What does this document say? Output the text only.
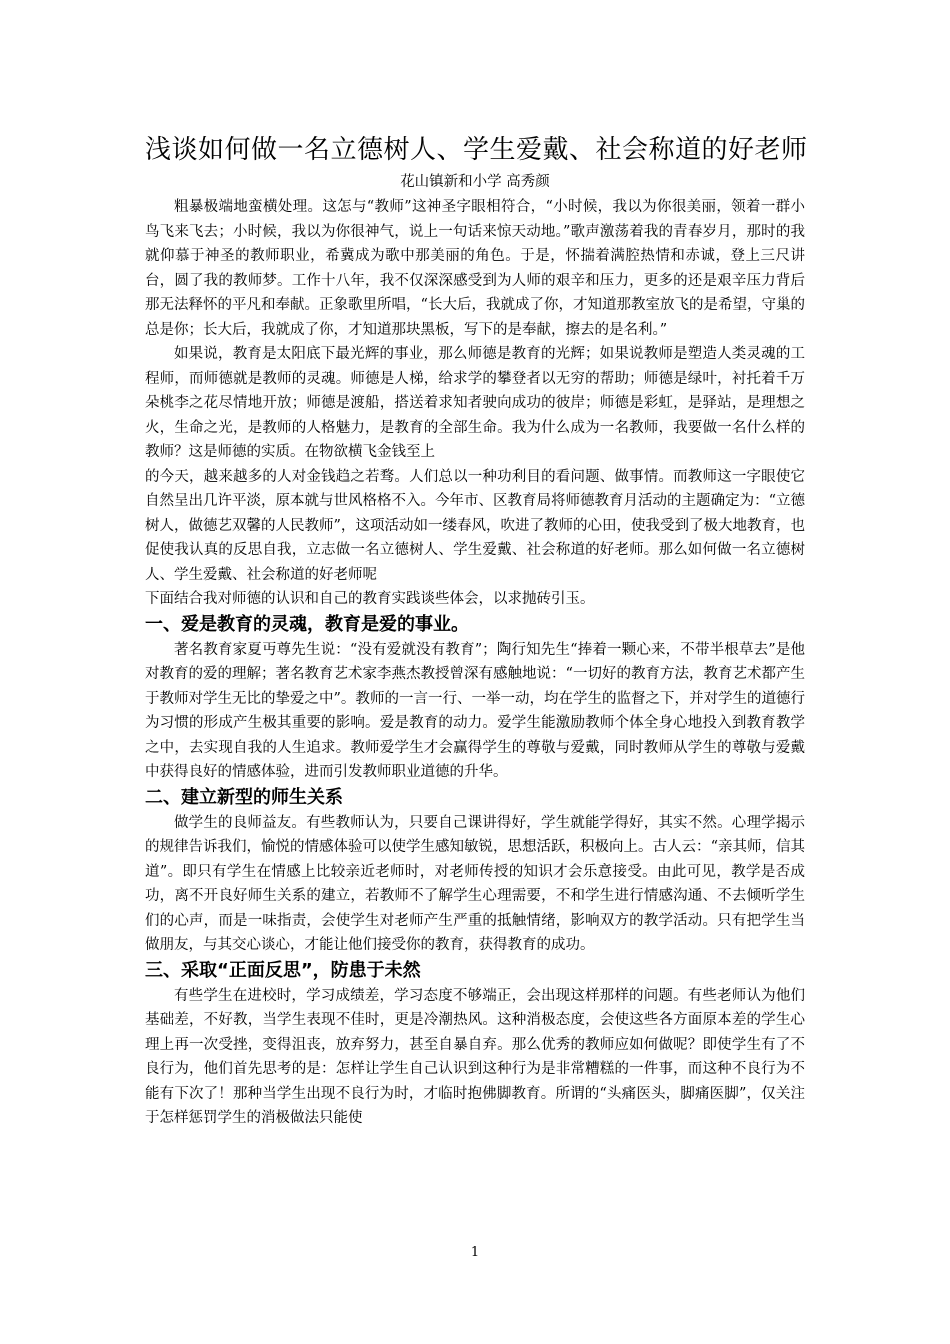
浅谈如何做一名立德树人、学生爱戴、社会称道的好老师

花山镇新和小学 高秀颜

粗暴极端地蛮横处理。这怎与“教师”这神圣字眼相符合，“小时候，我以为你很美丽，领着一群小鸟飞来飞去；小时候，我以为你很神气，说上一句话来惊天动地。”歌声激荡着我的青春岁月，那时的我就仰慕于神圣的教师职业，希冀成为歌中那美丽的角色。于是，怀揣着满腔热情和赤诚，登上三尺讲台，圆了我的教师梦。工作十八年，我不仅深深感受到为人师的艰辛和压力，更多的还是艰辛压力背后那无法释怀的平凡和奉献。正象歌里所唱，“长大后，我就成了你，才知道那教室放飞的是希望，守巢的总是你；长大后，我就成了你，才知道那块黑板，写下的是奉献，擦去的是名利。”

如果说，教育是太阳底下最光辉的事业，那么师德是教育的光辉；如果说教师是塑造人类灵魂的工程师，而师德就是教师的灵魂。师德是人梯，给求学的攀登者以无穷的帮助；师德是绿叶，衬托着千万朵桃李之花尽情地开放；师德是渡船，搭送着求知者驶向成功的彼岸；师德是彩虹，是驿站，是理想之火，生命之光，是教师的人格魅力，是教育的全部生命。我为什么成为一名教师，我要做一名什么样的教师？这是师德的实质。在物欲横飞金钱至上

的今天，越来越多的人对金钱趋之若骛。人们总以一种功利目的看问题、做事情。而教师这一字眼使它自然呈出几许平淡，原本就与世风格格不入。今年市、区教育局将师德教育月活动的主题确定为：“立德树人，做德艺双馨的人民教师”，这项活动如一缕春风，吹进了教师的心田，使我受到了极大地教育，也促使我认真的反思自我，立志做一名立德树人、学生爱戴、社会称道的好老师。那么如何做一名立德树人、学生爱戴、社会称道的好老师呢

下面结合我对师德的认识和自己的教育实践谈些体会，以求抛砖引玉。

一、爱是教育的灵魂，教育是爱的事业。

著名教育家夏丏尊先生说：“没有爱就没有教育”；陶行知先生“捧着一颗心来，不带半根草去”是他对教育的爱的理解；著名教育艺术家李燕杰教授曾深有感触地说：“一切好的教育方法，教育艺术都产生于教师对学生无比的挚爱之中”。教师的一言一行、一举一动，均在学生的监督之下，并对学生的道德行为习惯的形成产生极其重要的影响。爱是教育的动力。爱学生能激励教师个体全身心地投入到教育教学之中，去实现自我的人生追求。教师爱学生才会赢得学生的尊敬与爱戴，同时教师从学生的尊敬与爱戴中获得良好的情感体验，进而引发教师职业道德的升华。

二、建立新型的师生关系

做学生的良师益友。有些教师认为，只要自己课讲得好，学生就能学得好，其实不然。心理学揭示的规律告诉我们，愉悦的情感体验可以使学生感知敏锐，思想活跃，积极向上。古人云：“亲其师，信其道”。即只有学生在情感上比较亲近老师时，对老师传授的知识才会乐意接受。由此可见，教学是否成功，离不开良好师生关系的建立，若教师不了解学生心理需要，不和学生进行情感沟通、不去倾听学生们的心声，而是一味指责，会使学生对老师产生严重的抵触情绪，影响双方的教学活动。只有把学生当做朋友，与其交心谈心，才能让他们接受你的教育，获得教育的成功。

三、采取“正面反思”，防患于未然

有些学生在进校时，学习成绩差，学习态度不够端正，会出现这样那样的问题。有些老师认为他们基础差，不好教，当学生表现不佳时，更是冷潮热风。这种消极态度，会使这些各方面原本差的学生心理上再一次受挫，变得沮丧，放弃努力，甚至自暴自弃。那么优秀的教师应如何做呢？即使学生有了不良行为，他们首先思考的是：怎样让学生自己认识到这种行为是非常糟糕的一件事，而这种不良行为不能有下次了！那种当学生出现不良行为时，才临时抱佛脚教育。所谓的“头痛医头，脚痛医脚”，仅关注于怎样惩罚学生的消极做法只能使

1
